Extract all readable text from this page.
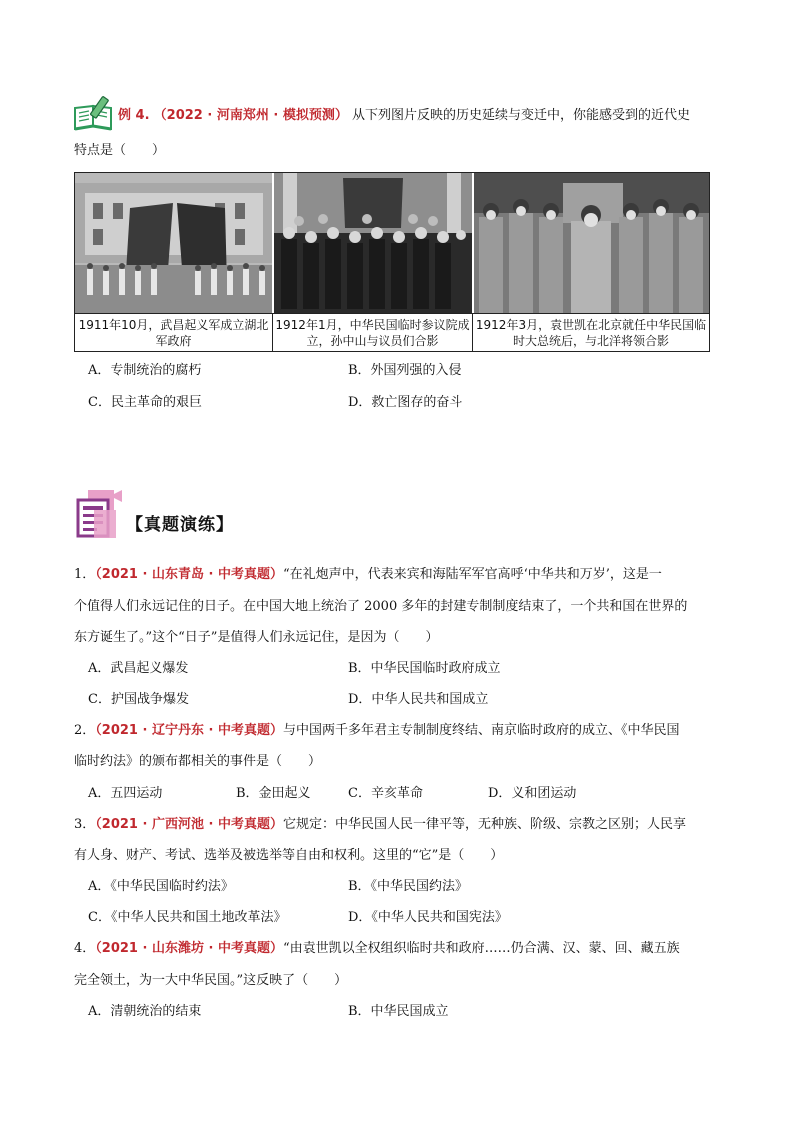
例 4. （2022 · 河南郑州 · 模拟预测） 从下列图片反映的历史延续与变迁中，你能感受到的近代史
特点是（　　）
1911年10月，武昌起义军成立湖北军政府
1912年1月，中华民国临时参议院成立，孙中山与议员们合影
1912年3月，袁世凯在北京就任中华民国临时大总统后，与北洋将领合影
A．专制统治的腐朽	B．外国列强的入侵
C．民主革命的艰巨	D．救亡图存的奋斗
【真题演练】
1．（2021 · 山东青岛 · 中考真题）“在礼炮声中，代表来宾和海陆军军官高呼‘中华共和万岁’，这是一
个值得人们永远记住的日子。在中国大地上统治了 2000 多年的封建专制制度结束了，一个共和国在世界的
东方诞生了。”这个“日子”是值得人们永远记住，是因为（　　）
A．武昌起义爆发	B．中华民国临时政府成立
C．护国战争爆发	D．中华人民共和国成立
2．（2021 · 辽宁丹东 · 中考真题）与中国两千多年君主专制制度终结、南京临时政府的成立、《中华民国
临时约法》的颁布都相关的事件是（　　）
A．五四运动	B．金田起义	C．辛亥革命	D．义和团运动
3．（2021 · 广西河池 · 中考真题）它规定：中华民国人民一律平等，无种族、阶级、宗教之区别；人民享
有人身、财产、考试、选举及被选举等自由和权利。这里的“它”是（　　）
A．《中华民国临时约法》	B．《中华民国约法》
C．《中华人民共和国土地改革法》	D．《中华人民共和国宪法》
4．（2021 · 山东潍坊 · 中考真题）“由袁世凯以全权组织临时共和政府……仍合满、汉、蒙、回、藏五族
完全领土，为一大中华民国。”这反映了（　　）
A．清朝统治的结束	B．中华民国成立
